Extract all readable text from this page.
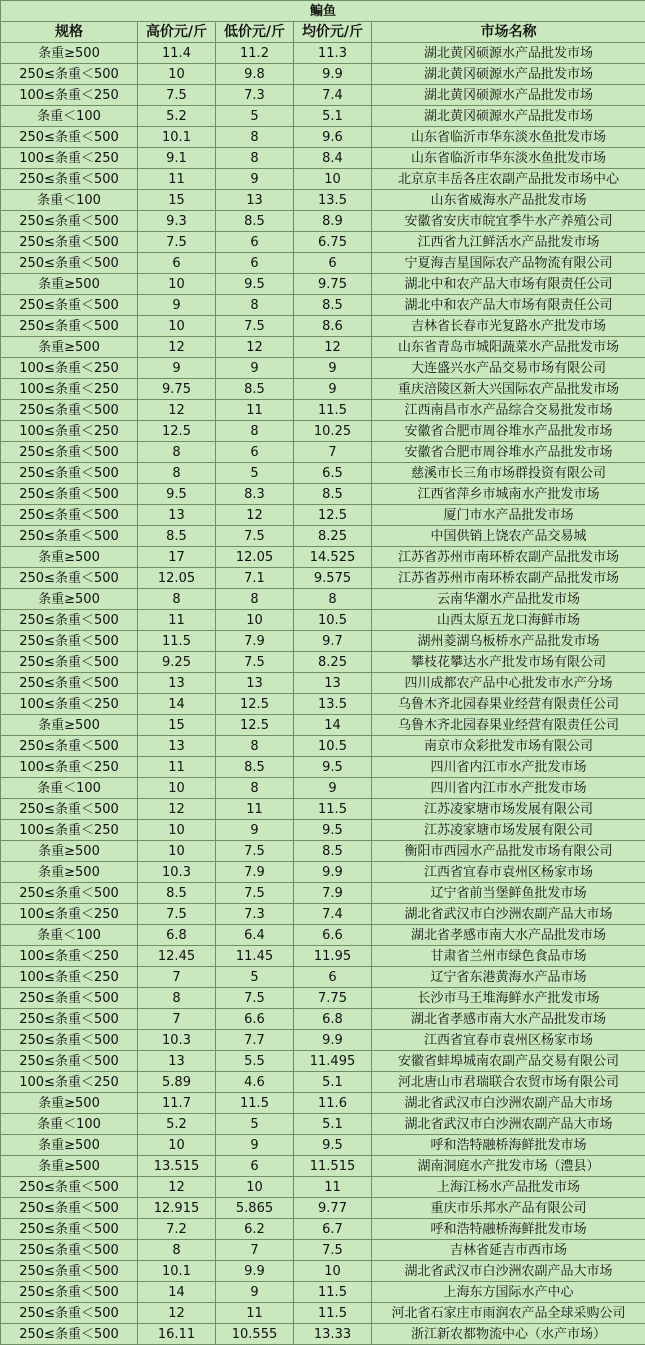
鳊鱼				
规格	高价元/斤	低价元/斤	均价元/斤	市场名称
条重≥500	11.4	11.2	11.3	湖北黄冈硕源水产品批发市场
250≤条重＜500	10	9.8	9.9	湖北黄冈硕源水产品批发市场
100≤条重＜250	7.5	7.3	7.4	湖北黄冈硕源水产品批发市场
条重＜100	5.2	5	5.1	湖北黄冈硕源水产品批发市场
250≤条重＜500	10.1	8	9.6	山东省临沂市华东淡水鱼批发市场
100≤条重＜250	9.1	8	8.4	山东省临沂市华东淡水鱼批发市场
250≤条重＜500	11	9	10	北京京丰岳各庄农副产品批发市场中心
条重＜100	15	13	13.5	山东省威海水产品批发市场
250≤条重＜500	9.3	8.5	8.9	安徽省安庆市皖宜季牛水产养殖公司
250≤条重＜500	7.5	6	6.75	江西省九江鲜活水产品批发市场
250≤条重＜500	6	6	6	宁夏海吉星国际农产品物流有限公司
条重≥500	10	9.5	9.75	湖北中和农产品大市场有限责任公司
250≤条重＜500	9	8	8.5	湖北中和农产品大市场有限责任公司
250≤条重＜500	10	7.5	8.6	吉林省长春市光复路水产批发市场
条重≥500	12	12	12	山东省青岛市城阳蔬菜水产品批发市场
100≤条重＜250	9	9	9	大连盛兴水产品交易市场有限公司
100≤条重＜250	9.75	8.5	9	重庆涪陵区新大兴国际农产品批发市场
250≤条重＜500	12	11	11.5	江西南昌市水产品综合交易批发市场
100≤条重＜250	12.5	8	10.25	安徽省合肥市周谷堆水产品批发市场
250≤条重＜500	8	6	7	安徽省合肥市周谷堆水产品批发市场
250≤条重＜500	8	5	6.5	慈溪市长三角市场群投资有限公司
250≤条重＜500	9.5	8.3	8.5	江西省萍乡市城南水产批发市场
250≤条重＜500	13	12	12.5	厦门市水产品批发市场
250≤条重＜500	8.5	7.5	8.25	中国供销上饶农产品交易城
条重≥500	17	12.05	14.525	江苏省苏州市南环桥农副产品批发市场
250≤条重＜500	12.05	7.1	9.575	江苏省苏州市南环桥农副产品批发市场
条重≥500	8	8	8	云南华潮水产品批发市场
250≤条重＜500	11	10	10.5	山西太原五龙口海鲜市场
250≤条重＜500	11.5	7.9	9.7	湖州菱湖乌板桥水产品批发市场
250≤条重＜500	9.25	7.5	8.25	攀枝花攀达水产批发市场有限公司
250≤条重＜500	13	13	13	四川成都农产品中心批发市水产分场
100≤条重＜250	14	12.5	13.5	乌鲁木齐北园春果业经营有限责任公司
条重≥500	15	12.5	14	乌鲁木齐北园春果业经营有限责任公司
250≤条重＜500	13	8	10.5	南京市众彩批发市场有限公司
100≤条重＜250	11	8.5	9.5	四川省内江市水产批发市场
条重＜100	10	8	9	四川省内江市水产批发市场
250≤条重＜500	12	11	11.5	江苏凌家塘市场发展有限公司
100≤条重＜250	10	9	9.5	江苏凌家塘市场发展有限公司
条重≥500	10	7.5	8.5	衡阳市西园水产品批发市场有限公司
条重≥500	10.3	7.9	9.9	江西省宜春市袁州区杨家市场
250≤条重＜500	8.5	7.5	7.9	辽宁省前当堡鲜鱼批发市场
100≤条重＜250	7.5	7.3	7.4	湖北省武汉市白沙洲农副产品大市场
条重＜100	6.8	6.4	6.6	湖北省孝感市南大水产品批发市场
100≤条重＜250	12.45	11.45	11.95	甘肃省兰州市绿色食品市场
100≤条重＜250	7	5	6	辽宁省东港黄海水产品市场
250≤条重＜500	8	7.5	7.75	长沙市马王堆海鲜水产批发市场
250≤条重＜500	7	6.6	6.8	湖北省孝感市南大水产品批发市场
250≤条重＜500	10.3	7.7	9.9	江西省宜春市袁州区杨家市场
250≤条重＜500	13	5.5	11.495	安徽省蚌埠城南农副产品交易有限公司
100≤条重＜250	5.89	4.6	5.1	河北唐山市君瑞联合农贸市场有限公司
条重≥500	11.7	11.5	11.6	湖北省武汉市白沙洲农副产品大市场
条重＜100	5.2	5	5.1	湖北省武汉市白沙洲农副产品大市场
条重≥500	10	9	9.5	呼和浩特融桥海鲜批发市场
条重≥500	13.515	6	11.515	湖南洞庭水产批发市场（澧县）
250≤条重＜500	12	10	11	上海江杨水产品批发市场
250≤条重＜500	12.915	5.865	9.77	重庆市乐邦水产品有限公司
250≤条重＜500	7.2	6.2	6.7	呼和浩特融桥海鲜批发市场
250≤条重＜500	8	7	7.5	吉林省延吉市西市场
250≤条重＜500	10.1	9.9	10	湖北省武汉市白沙洲农副产品大市场
250≤条重＜500	14	9	11.5	上海东方国际水产中心
250≤条重＜500	12	11	11.5	河北省石家庄市雨润农产品全球采购公司
250≤条重＜500	16.11	10.555	13.33	浙江新农都物流中心（水产市场）
